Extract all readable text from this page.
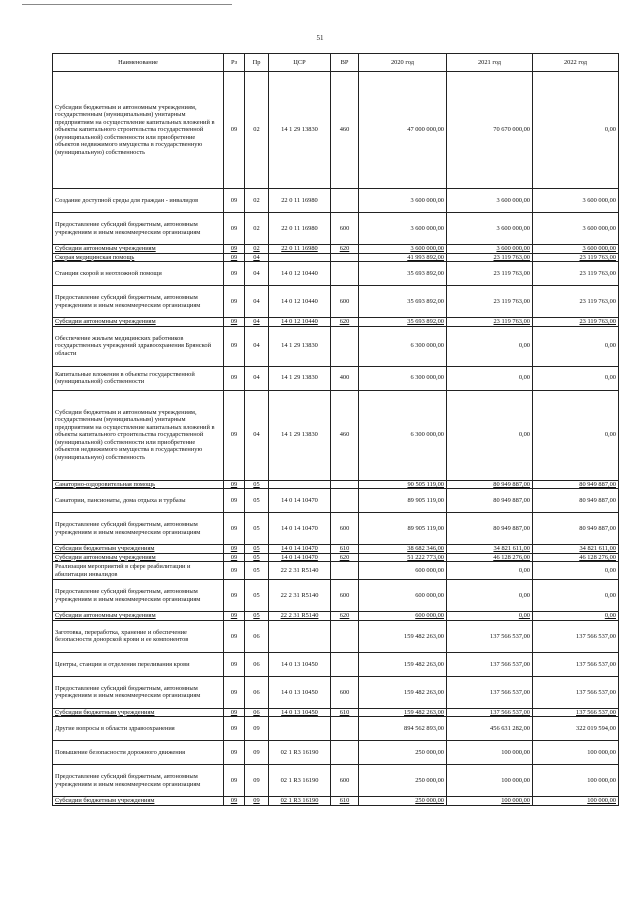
51
Наименование	Рз	Пр	ЦСР	ВР	2020 год	2021 год	2022 год
Субсидии бюджетным и автономным учреждениям, государственным (муниципальным) унитарным предприятиям на осуществление капитальных вложений в объекты капитального строительства государственной (муниципальной) собственности или приобретение объектов недвижимого имущества в государственную (муниципальную) собственность	09	02	14 1 29 13830	460	47 000 000,00	70 670 000,00	0,00
Создание доступной среды для граждан - инвалидов	09	02	22 0 11 16980		3 600 000,00	3 600 000,00	3 600 000,00
Предоставление субсидий бюджетным, автономным учреждениям и иным некоммерческим организациям	09	02	22 0 11 16980	600	3 600 000,00	3 600 000,00	3 600 000,00
Субсидии автономным учреждениям	09	02	22 0 11 16980	620	3 600 000,00	3 600 000,00	3 600 000,00
Скорая медицинская помощь	09	04			41 993 892,00	23 119 763,00	23 119 763,00
Станции скорой и неотложной помощи	09	04	14 0 12 10440		35 693 892,00	23 119 763,00	23 119 763,00
Предоставление субсидий бюджетным, автономным учреждениям и иным некоммерческим организациям	09	04	14 0 12 10440	600	35 693 892,00	23 119 763,00	23 119 763,00
Субсидии автономным учреждениям	09	04	14 0 12 10440	620	35 693 892,00	23 119 763,00	23 119 763,00
Обеспечение жильем медицинских работников государственных учреждений здравоохранения Брянской области	09	04	14 1 29 13830		6 300 000,00	0,00	0,00
Капитальные вложения в объекты государственной (муниципальной) собственности	09	04	14 1 29 13830	400	6 300 000,00	0,00	0,00
Субсидии бюджетным и автономным учреждениям, государственным (муниципальным) унитарным предприятиям на осуществление капитальных вложений в объекты капитального строительства государственной (муниципальной) собственности или приобретение объектов недвижимого имущества в государственную (муниципальную) собственность	09	04	14 1 29 13830	460	6 300 000,00	0,00	0,00
Санаторно-оздоровительная помощь	09	05			90 505 119,00	80 949 887,00	80 949 887,00
Санатории, пансионаты, дома отдыха и турбазы	09	05	14 0 14 10470		89 905 119,00	80 949 887,00	80 949 887,00
Предоставление субсидий бюджетным, автономным учреждениям и иным некоммерческим организациям	09	05	14 0 14 10470	600	89 905 119,00	80 949 887,00	80 949 887,00
Субсидии бюджетным учреждениям	09	05	14 0 14 10470	610	38 682 346,00	34 821 611,00	34 821 611,00
Субсидии автономным учреждениям	09	05	14 0 14 10470	620	51 222 773,00	46 128 276,00	46 128 276,00
Реализация мероприятий в сфере реабилитации и абилитации инвалидов	09	05	22 2 31 R5140		600 000,00	0,00	0,00
Предоставление субсидий бюджетным, автономным учреждениям и иным некоммерческим организациям	09	05	22 2 31 R5140	600	600 000,00	0,00	0,00
Субсидии автономным учреждениям	09	05	22 2 31 R5140	620	600 000,00	0,00	0,00
Заготовка, переработка, хранение и обеспечение безопасности донорской крови и ее компонентов	09	06			159 482 263,00	137 566 537,00	137 566 537,00
Центры, станции и отделения переливания крови	09	06	14 0 13 10450		159 482 263,00	137 566 537,00	137 566 537,00
Предоставление субсидий бюджетным, автономным учреждениям и иным некоммерческим организациям	09	06	14 0 13 10450	600	159 482 263,00	137 566 537,00	137 566 537,00
Субсидии бюджетным учреждениям	09	06	14 0 13 10450	610	159 482 263,00	137 566 537,00	137 566 537,00
Другие вопросы в области здравоохранения	09	09			894 562 893,00	456 631 282,00	322 019 594,00
Повышение безопасности дорожного движения	09	09	02 1 R3 16190		250 000,00	100 000,00	100 000,00
Предоставление субсидий бюджетным, автономным учреждениям и иным некоммерческим организациям	09	09	02 1 R3 16190	600	250 000,00	100 000,00	100 000,00
Субсидии бюджетным учреждениям	09	09	02 1 R3 16190	610	250 000,00	100 000,00	100 000,00
